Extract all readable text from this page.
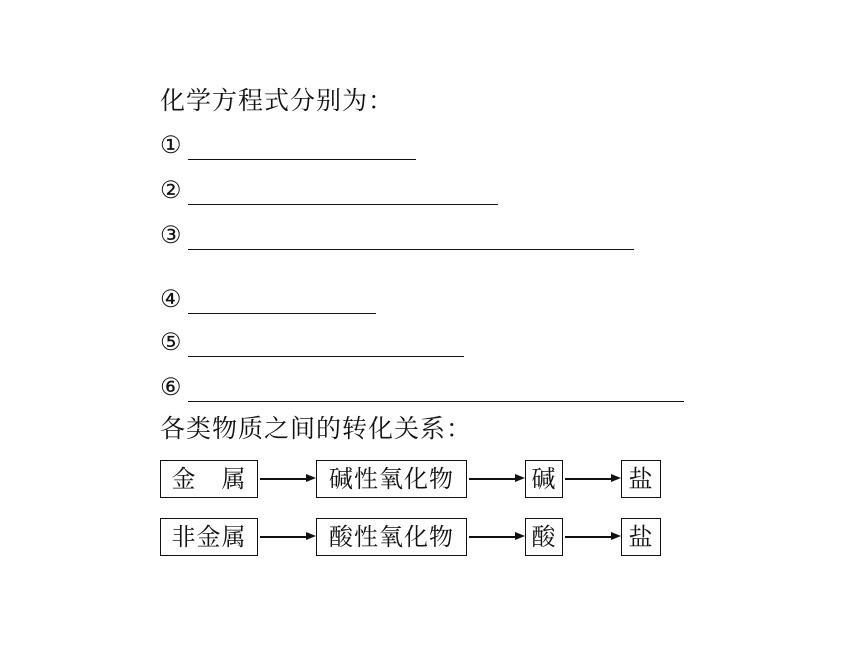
化学方程式分别为：
①
②
③
④
⑤
⑥
各类物质之间的转化关系：
金　属	碱性氧化物	碱	盐
非金属	酸性氧化物	酸	盐
